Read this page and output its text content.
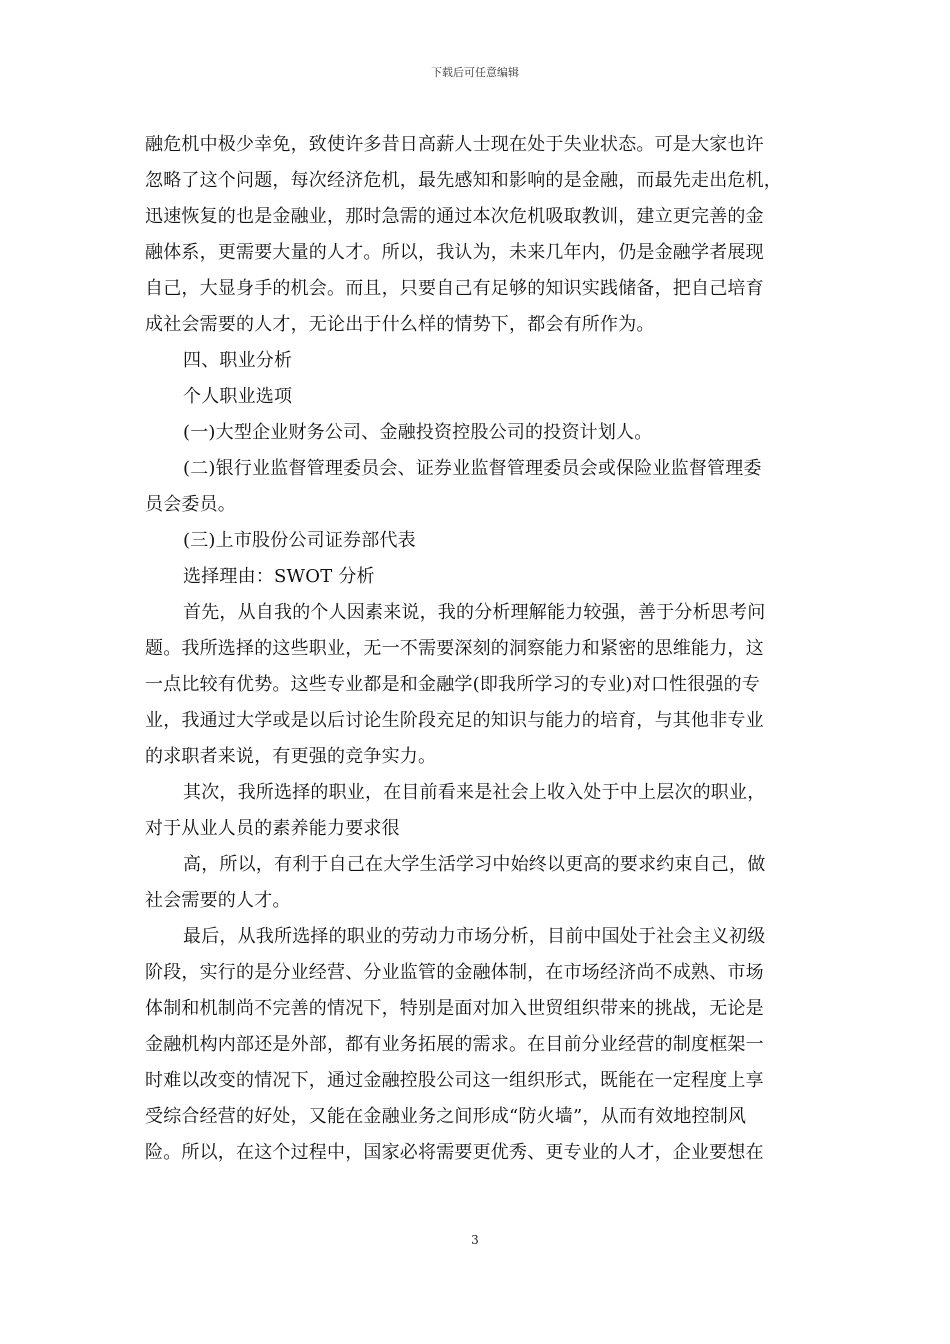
下载后可任意编辑
融危机中极少幸免，致使许多昔日高薪人士现在处于失业状态。可是大家也许
忽略了这个问题，每次经济危机，最先感知和影响的是金融，而最先走出危机，
迅速恢复的也是金融业，那时急需的通过本次危机吸取教训，建立更完善的金
融体系，更需要大量的人才。所以，我认为，未来几年内，仍是金融学者展现
自己，大显身手的机会。而且，只要自己有足够的知识实践储备，把自己培育
成社会需要的人才，无论出于什么样的情势下，都会有所作为。
四、职业分析
个人职业选项
(一)大型企业财务公司、金融投资控股公司的投资计划人。
(二)银行业监督管理委员会、证券业监督管理委员会或保险业监督管理委
员会委员。
(三)上市股份公司证券部代表
选择理由：SWOT 分析
首先，从自我的个人因素来说，我的分析理解能力较强，善于分析思考问
题。我所选择的这些职业，无一不需要深刻的洞察能力和紧密的思维能力，这
一点比较有优势。这些专业都是和金融学(即我所学习的专业)对口性很强的专
业，我通过大学或是以后讨论生阶段充足的知识与能力的培育，与其他非专业
的求职者来说，有更强的竞争实力。
其次，我所选择的职业，在目前看来是社会上收入处于中上层次的职业，
对于从业人员的素养能力要求很
高，所以，有利于自己在大学生活学习中始终以更高的要求约束自己，做
社会需要的人才。
最后，从我所选择的职业的劳动力市场分析，目前中国处于社会主义初级
阶段，实行的是分业经营、分业监管的金融体制，在市场经济尚不成熟、市场
体制和机制尚不完善的情况下，特别是面对加入世贸组织带来的挑战，无论是
金融机构内部还是外部，都有业务拓展的需求。在目前分业经营的制度框架一
时难以改变的情况下，通过金融控股公司这一组织形式，既能在一定程度上享
受综合经营的好处，又能在金融业务之间形成“防火墙”，从而有效地控制风
险。所以，在这个过程中，国家必将需要更优秀、更专业的人才，企业要想在
3
